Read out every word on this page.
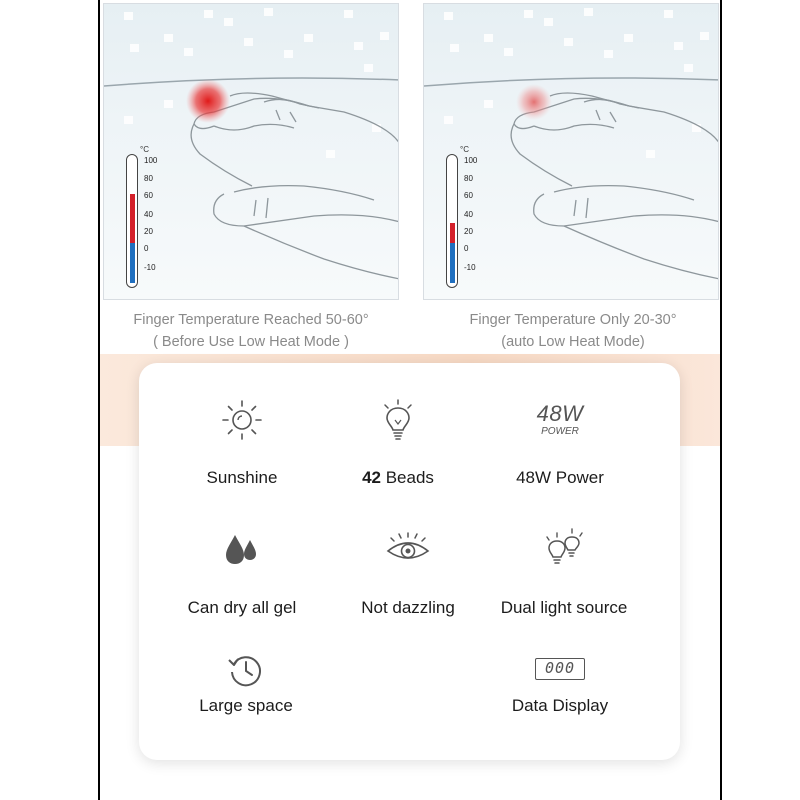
°C
100
80
60
40
20
0
-10
°C
100
80
60
40
20
0
-10
Finger Temperature Reached 50-60°
( Before Use Low Heat Mode )
Finger Temperature Only 20-30°
(auto Low Heat Mode)
Sunshine	42 Beads
48W
POWER
48W Power
Can dry all gel	Not dazzling	Dual light source
Large space
000
Data Display
